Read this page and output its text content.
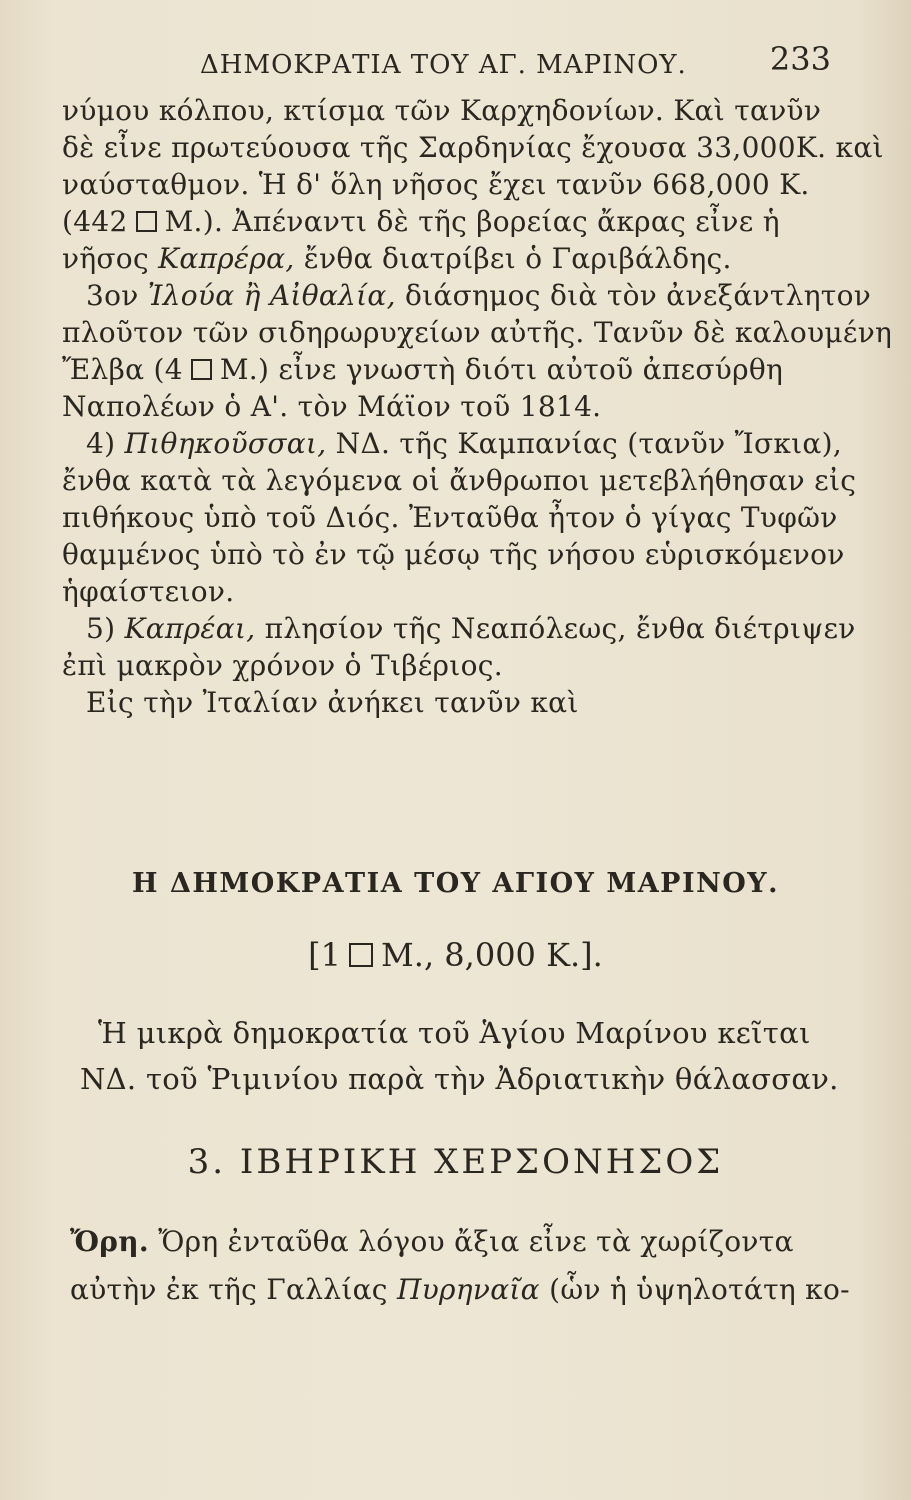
ΔΗΜΟΚΡΑΤΙΑ ΤΟΥ ΑΓ. ΜΑΡΙΝΟΥ.	233
νύμου κόλπου, κτίσμα τῶν Καρχηδονίων. Καὶ τανῦν
δὲ εἶνε πρωτεύουσα τῆς Σαρδηνίας ἔχουσα 33,000Κ. καὶ
ναύσταθμον. Ἡ δ' ὅλη νῆσος ἔχει τανῦν 668,000 Κ.
(442 Μ.). Ἀπέναντι δὲ τῆς βορείας ἄκρας εἶνε ἡ
νῆσος Καπρέρα, ἔνθα διατρίβει ὁ Γαριβάλδης.
3ον Ἰλούα ἢ Αἰθαλία, διάσημος διὰ τὸν ἀνεξάντλητον
πλοῦτον τῶν σιδηρωρυχείων αὐτῆς. Τανῦν δὲ καλουμένη
Ἔλβα (4 Μ.) εἶνε γνωστὴ διότι αὐτοῦ ἀπεσύρθη
Ναπολέων ὁ Α'. τὸν Μάϊον τοῦ 1814.
4) Πιθηκοῦσσαι, ΝΔ. τῆς Καμπανίας (τανῦν Ἴσκια),
ἔνθα κατὰ τὰ λεγόμενα οἱ ἄνθρωποι μετεβλήθησαν εἰς
πιθήκους ὑπὸ τοῦ Διός. Ἐνταῦθα ἦτον ὁ γίγας Τυφῶν
θαμμένος ὑπὸ τὸ ἐν τῷ μέσῳ τῆς νήσου εὑρισκόμενον
ἡφαίστειον.
5) Καπρέαι, πλησίον τῆς Νεαπόλεως, ἔνθα διέτριψεν
ἐπὶ μακρὸν χρόνον ὁ Τιβέριος.
Εἰς τὴν Ἰταλίαν ἀνήκει τανῦν καὶ
Η ΔΗΜΟΚΡΑΤΙΑ ΤΟΥ ΑΓΙΟΥ ΜΑΡΙΝΟΥ.
[1 Μ., 8,000 Κ.].
Ἡ μικρὰ δημοκρατία τοῦ Ἁγίου Μαρίνου κεῖται
ΝΔ. τοῦ Ῥιμινίου παρὰ τὴν Ἀδριατικὴν θάλασσαν.
3. ΙΒΗΡΙΚΗ ΧΕΡΣΟΝΗΣΟΣ
Ὄρη. Ὄρη ἐνταῦθα λόγου ἄξια εἶνε τὰ χωρίζοντα
αὐτὴν ἐκ τῆς Γαλλίας Πυρηναῖα (ὧν ἡ ὑψηλοτάτη κο-
